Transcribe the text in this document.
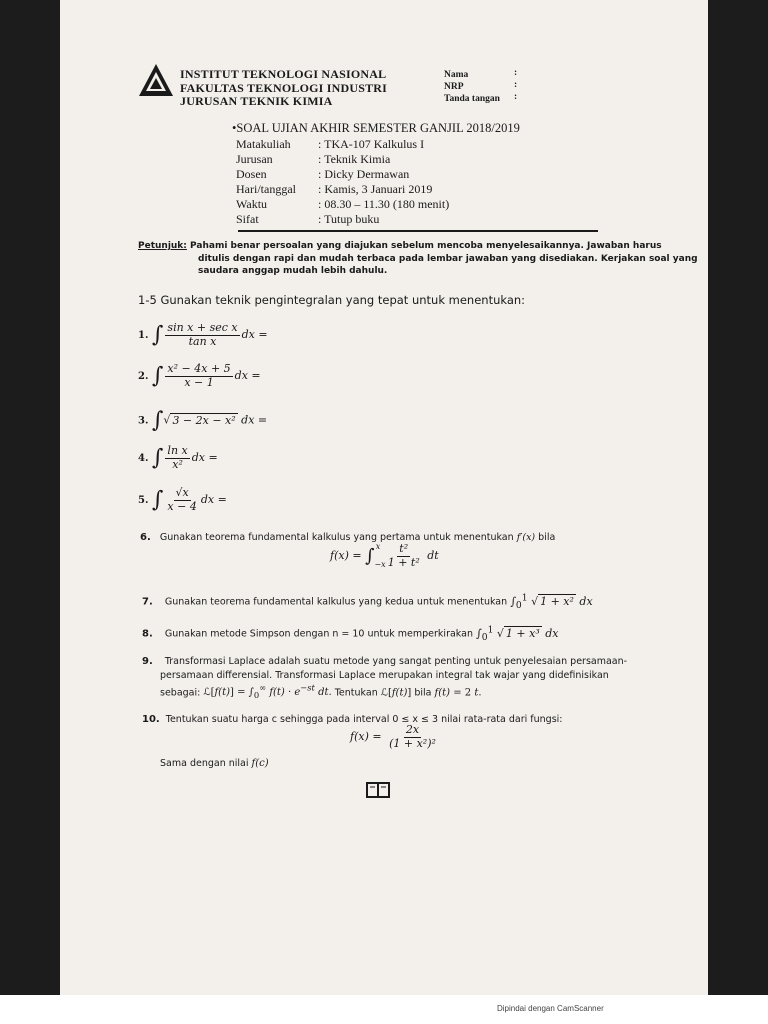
INSTITUT TEKNOLOGI NASIONAL
FAKULTAS TEKNOLOGI INDUSTRI
JURUSAN TEKNIK KIMIA
Nama	:
NRP	:
Tanda tangan :
•SOAL UJIAN AKHIR SEMESTER GANJIL 2018/2019
Matakuliah : TKA-107 Kalkulus I
Jurusan	: Teknik Kimia
Dosen	: Dicky Dermawan
Hari/tanggal : Kamis, 3 Januari 2019
Waktu	: 08.30 – 11.30 (180 menit)
Sifat	: Tutup buku
Petunjuk: Pahami benar persoalan yang diajukan sebelum mencoba menyelesaikannya. Jawaban harus
ditulis dengan rapi dan mudah terbaca pada lembar jawaban yang disediakan. Kerjakan soal yang
saudara anggap mudah lebih dahulu.
1-5 Gunakan teknik pengintegralan yang tepat untuk menentukan:
1. ∫ $\frac{\text{sin x + sec x}}{\text{tan x}}$ dx =
2. ∫ $\frac{\text{x² − 4x + 5}}{x - 1}$ dx =
3. ∫√ 3 − 2x − x² dx =
4. ∫ $\frac{\text{ln x}}{\text{x²}}$ dx =
5. ∫ $\frac{√x}{x - 4}$ dx =
6. Gunakan teorema fundamental kalkulus yang pertama untuk menentukan f′(x) bila
$f(x) = \int_{-x}^x \frac{\text{t²}}{\text{1 + t²}}$ dt
7. Gunakan teorema fundamental kalkulus yang kedua untuk menentukan $\int_0^1$ √ 1 + x² dx
8. Gunakan metode Simpson dengan n = 10 untuk memperkirakan $\int_0^1$ √ 1 + x³ dx
9. Transformasi Laplace adalah suatu metode yang sangat penting untuk penyelesaian persamaan-
persamaan differensial. Transformasi Laplace merupakan integral tak wajar yang didefinisikan
sebagai: ℒ[f(t)] = $\int_0^\infty$ $f(t) \cdot e^{-st}$ dt. Tentukan ℒ[f(t)] bila f(t) = 2 t.
10. Tentukan suatu harga c sehingga pada interval 0 ≤ x ≤ 3 nilai rata-rata dari fungsi:
$f(x) = \frac{2x}{\text{(1 + x²)²}}$
Sama dengan nilai f(c)
Dipindai dengan CamScanner
